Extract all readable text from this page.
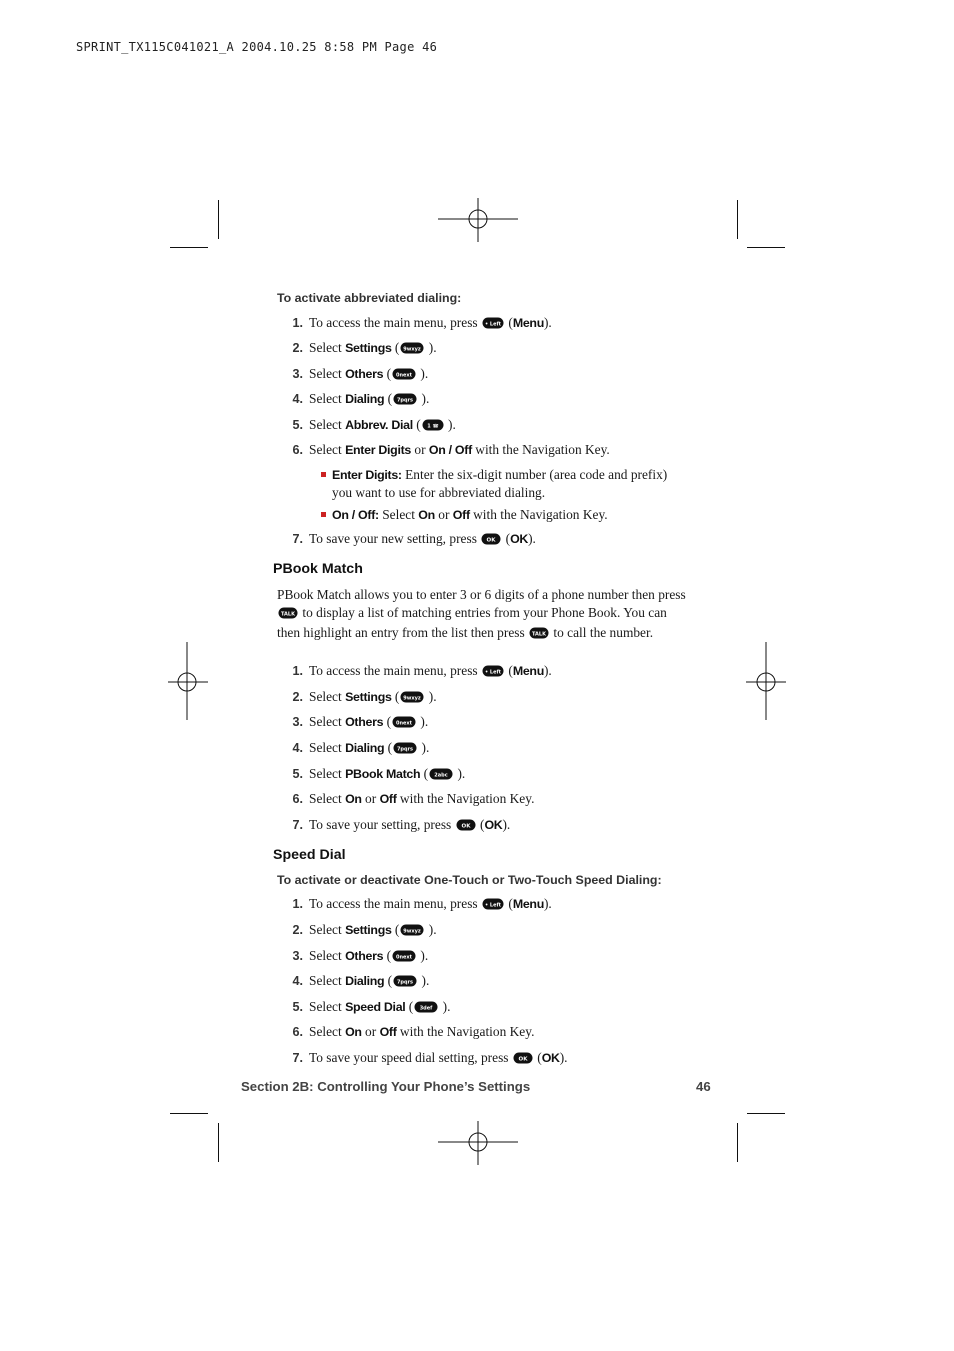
SPRINT_TX115C041021_A 2004.10.25 8:58 PM Page 46
To activate abbreviated dialing:
1. To access the main menu, press • Left (Menu).
2. Select Settings ( 9wxyz ).
3. Select Others ( 0next ).
4. Select Dialing ( 7pqrs ).
5. Select Abbrev. Dial ( 1 ☎ ).
6. Select Enter Digits or On / Off with the Navigation Key.
7. To save your new setting, press OK (OK).
Enter Digits: Enter the six-digit number (area code and prefix) you want to use for abbreviated dialing.
On / Off: Select On or Off with the Navigation Key.
PBook Match
PBook Match allows you to enter 3 or 6 digits of a phone number then press
TALK to display a list of matching entries from your Phone Book. You can then highlight an entry from the list then press TALK to call the number.
1. To access the main menu, press • Left (Menu).
2. Select Settings ( 9wxyz ).
3. Select Others ( 0next ).
4. Select Dialing ( 7pqrs ).
5. Select PBook Match ( 2abc ).
6. Select On or Off with the Navigation Key.
7. To save your setting, press OK (OK).
Speed Dial
To activate or deactivate One-Touch or Two-Touch Speed Dialing:
1. To access the main menu, press • Left (Menu).
2. Select Settings ( 9wxyz ).
3. Select Others ( 0next ).
4. Select Dialing ( 7pqrs ).
5. Select Speed Dial ( 3def ).
6. Select On or Off with the Navigation Key.
7. To save your speed dial setting, press OK (OK).
Section 2B: Controlling Your Phone’s Settings	46
